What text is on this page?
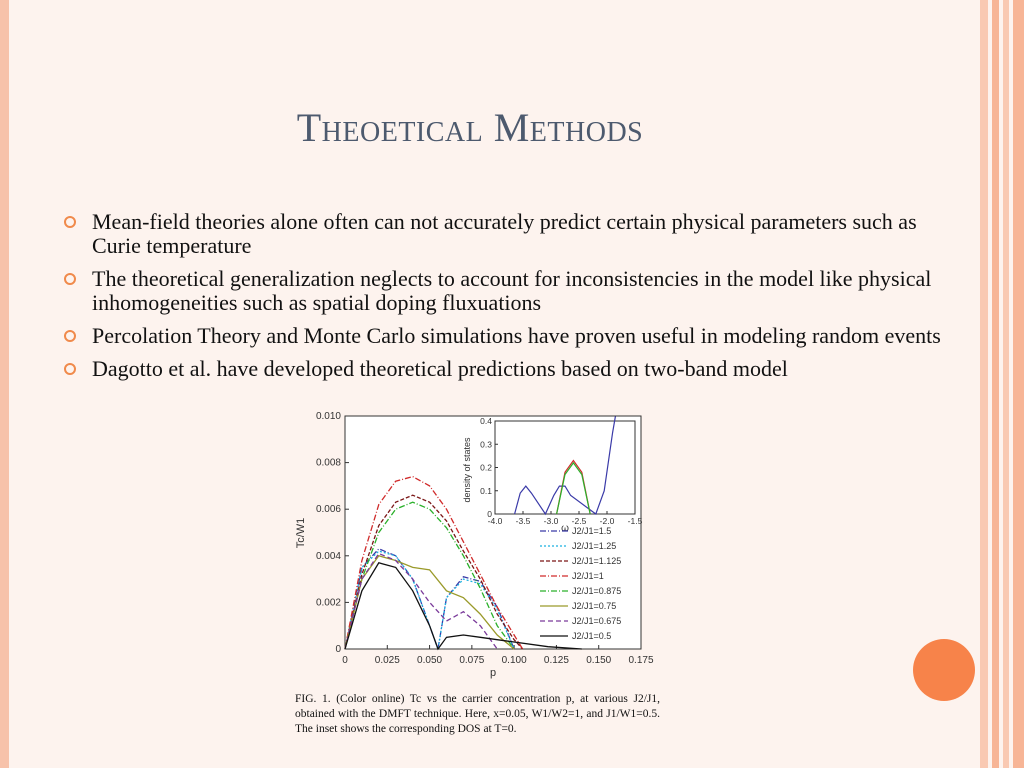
Theoetical Methods
Mean-field theories alone often can not accurately predict certain physical parameters such as Curie temperature
The theoretical generalization neglects to account for inconsistencies in the model like physical inhomogeneities such as spatial doping fluxuations
Percolation Theory and Monte Carlo simulations have proven useful in modeling random events
Dagotto et al. have developed theoretical predictions based on two-band model
Tc/W1
p
density of states
ω J2/J1=1.5
J2/J1=1.25
J2/J1=1.125
J2/J1=1
J2/J1=0.875
J2/J1=0.75
J2/J1=0.675
J2/J1=0.5
0	0.025 0.050 0.075 0.100 0.125 0.150 0.175
0
0.002
0.004
0.006
0.008
0.010
-4.0 -3.5 -3.0 -2.5 -2.0 -1.5
0
0.1
0.2
0.3
0.4
FIG. 1. (Color online) Tc vs the carrier concentration p, at various J2/J1, obtained with the DMFT technique. Here, x=0.05, W1/W2=1, and J1/W1=0.5. The inset shows the corresponding DOS at T=0.
